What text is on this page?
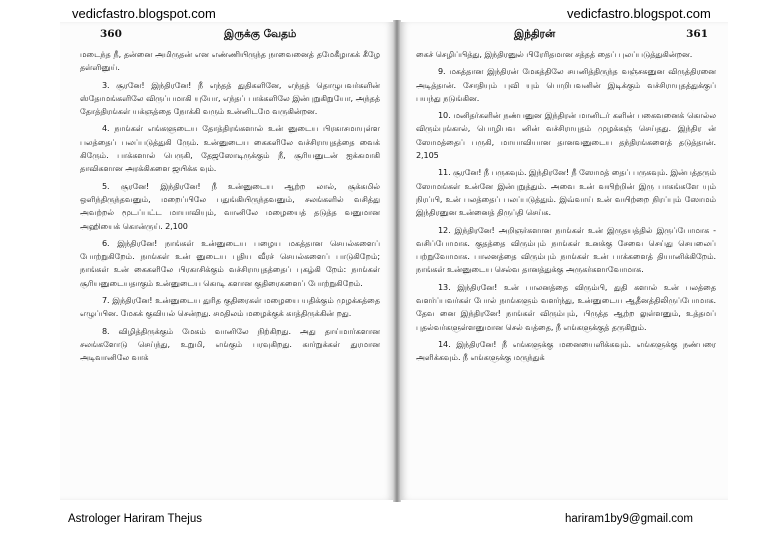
vedicfastro.blogspot.com	vedicfastro.blogspot.com
360	இருக்கு வேதம்

மடைந்த நீ, தன்னை அமிருதன் என எண்ணியிருந்த நாவைனைத் தமேகீழாகக் கீழே தள்ளினுய்.

3. சூரனே! இந்திரனே! நீ எந்தத் துதிகளினே, எந்தத் தொழுபவர்களின் ஸ்தோமங்களிலே விருப்பமாகி யுயோ, எந்தப் பாக்களிலே இன்புறுகிறுயோ, அந்தத் தோத்திரங்கள் யக்ஞத்தை நோக்கி வரும் உன்னிடமே வருகின்றன.

4. நாங்கள் எங்களுடைய தோத்திரங்களால் உன் னுடைய பிரகாசமாயுள்ள பலத்தைப் பலப்படுத்துகி ருேம். உன்னுடைய கைகளிலே வச்சிராயுதத்தை வைக் கிருேம். பாக்களால் பெருகி, தேஜஸோடிருக்கும் நீ, சூரியனுடன் ஐக்கமாகி தாவிகளான அரக்கிகளை ஜயிக்க வும்.

5. சூரனே! இந்திரனே! நீ உன்னுடைய ஆற்ற லால், சூக்கமில் ஒளிந்திருந்தவனும், மறைப்பிலே பதுங்கியிருந்தவனும், சலங்களில் வசித்து அவற்றல் மூடப்பட்ட மாயாவியும், வானிலே மழையைத் தடுத்த வனுமான அஹியைக் கொன்ருய். 2,100

6. இந்திரனே! நாங்கள் உன்னுடைய பழைய மகத்தான செயல்களைப் போற்றுகிறேம். நாங்கள் உன் னுடைய புதிய வீரச் செயல்களைப் பாடுகிறேம்; நாங்கள் உன் கைகளிலே பிரகாசிக்கும் வச்சிராயுதத்தைப் புகழ்கி றேம்: நாங்கள் சூரியனுடையதாகும் உன்னுடைய கொடி களான குதிரைகளைப் போற்றுகிறேம்.

7. இந்திரனே! உன்னுடைய துரித குதிரைகள் மழையை யதிக்கும் முழக்கத்தை எழுப்பின. மேகக் குவியல் சென்றது. சமதிலம் மழைக்குக் காத்திருக்கின் றது.

8. விழித்திருக்கும் மேகம் வானிலே நிற்கிறது. அது தாய்மார்களான சலங்களோடு செய்ந்து, உறுமி, எங்கும் பரவுகிறது. கார்றுக்கள் துரமான அடிவானிலே வாக்

இந்திரன்	361

கைச் செழிப்பித்து, இந்திரனுல் பிரேரிதமான சத்தத் தைப் புலப்படுத்துகின்றன.

9. மகத்தான இந்திரன் மேகத்திலே சயனித்திருந்த வஞ்சகனுன விருத்திரனை அடித்தான். சோதியும் புவி யும் பொறிபவனின் இடிக்கும் வச்சிராயுதத்துக்குப் பயந்து நடுங்கின.

10. மனிதர்களின் நண்பனுன இந்திரன் மானிடர் களின் பகைவனைக் கொல்ல விரும்புங்கால், பொழிபவ னின் வச்சிராயுதம் முழக்கஞ் செய்தது. இந்திர ன் ஸோமத்தைப் பருகி, மாயாவியான தானவனுடைய தந்திரங்களைத் தடுத்தான். 2,105

11. சூரனே! நீ பருகவும். இந்திரனே! நீ ஸோமத் தைப் பருகவும். இன்பத்தரும் ஸோமங்கள் உன்னே இன்புறுத்தும். அவை உன் வயிற்றின் இரு பாகங்களே யும் நிரப்பி, உன் பலத்தைப் பலப்படுத்தும். இவ்வாய் உன் வயிற்றை நிரப்பும் ஸோமம் இந்திரனுன உன்னைத் திருப்தி செய்க.

12. இந்திரனே! அறிஞர்களான நாங்கள் உன் இருதயத்தில் இருப்போமாக - வசிப்போமாக. குதத்தை விரும்பும் நாங்கள் உனக்கு சேவை செய்து செயலைப் பற்றுவோமாக. பாலனத்தை விரும்பும் நாங்கள் உன் பாக்களைத் தியானிக்கிறேம். நாங்கள் உன்னுடைய செல்வ தானத்துக்கு அருகர்களாவோமாக.

13. இந்திரனே! உன் பாலனத்தை விரும்பி, துதி களால் உன் பலத்தை வளர்ப்பவர்கள் போல் நாங்களும் வளர்ந்து, உன்னுடைய ஆதீனத்திலிருப்போமாக. தேவ னை இந்திரனே! நாங்கள் விரும்பும், பிருத்த ஆற்ற லுள்ளனும், உத்தமப் புதல்வர்களுள்ளனுமான செல் வத்தை, நீ எங்களுக்குத் தருகிறும்.

14. இந்திரனே! நீ எங்களுக்கு மனையைளிக்கவும். எங்களுக்கு நண்பரை அளிக்கவும். நீ எங்களுக்கு மருந்துக்

Astrologer Hariram Thejus	hariram1by9@gmail.com
